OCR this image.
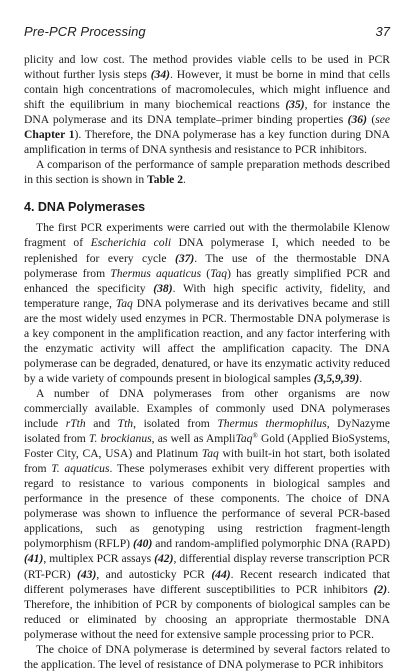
Pre-PCR Processing	37

plicity and low cost. The method provides viable cells to be used in PCR without further lysis steps (34). However, it must be borne in mind that cells contain high concentrations of macromolecules, which might influence and shift the equilibrium in many biochemical reactions (35), for instance the DNA polymerase and its DNA template–primer binding properties (36) (see Chapter 1). Therefore, the DNA polymerase has a key function during DNA amplification in terms of DNA synthesis and resistance to PCR inhibitors.

A comparison of the performance of sample preparation methods described in this section is shown in Table 2.

4. DNA Polymerases

The first PCR experiments were carried out with the thermolabile Klenow fragment of Escherichia coli DNA polymerase I, which needed to be replenished for every cycle (37). The use of the thermostable DNA polymerase from Thermus aquaticus (Taq) has greatly simplified PCR and enhanced the specificity (38). With high specific activity, fidelity, and temperature range, Taq DNA polymerase and its derivatives became and still are the most widely used enzymes in PCR. Thermostable DNA polymerase is a key component in the amplification reaction, and any factor interfering with the enzymatic activity will affect the amplification capacity. The DNA polymerase can be degraded, denatured, or have its enzymatic activity reduced by a wide variety of compounds present in biological samples (3,5,9,39).

A number of DNA polymerases from other organisms are now commercially available. Examples of commonly used DNA polymerases include rTth and Tth, isolated from Thermus thermophilus, DyNazyme isolated from T. brockianus, as well as AmpliTaq® Gold (Applied BioSystems, Foster City, CA, USA) and Platinum Taq with built-in hot start, both isolated from T. aquaticus. These polymerases exhibit very different properties with regard to resistance to various components in biological samples and performance in the presence of these components. The choice of DNA polymerase was shown to influence the performance of several PCR-based applications, such as genotyping using restriction fragment-length polymorphism (RFLP) (40) and random-amplified polymorphic DNA (RAPD) (41), multiplex PCR assays (42), differential display reverse transcription PCR (RT-PCR) (43), and autosticky PCR (44). Recent research indicated that different polymerases have different susceptibilities to PCR inhibitors (2). Therefore, the inhibition of PCR by components of biological samples can be reduced or eliminated by choosing an appropriate thermostable DNA polymerase without the need for extensive sample processing prior to PCR.

The choice of DNA polymerase is determined by several factors related to the application. The level of resistance of DNA polymerase to PCR inhibitors
